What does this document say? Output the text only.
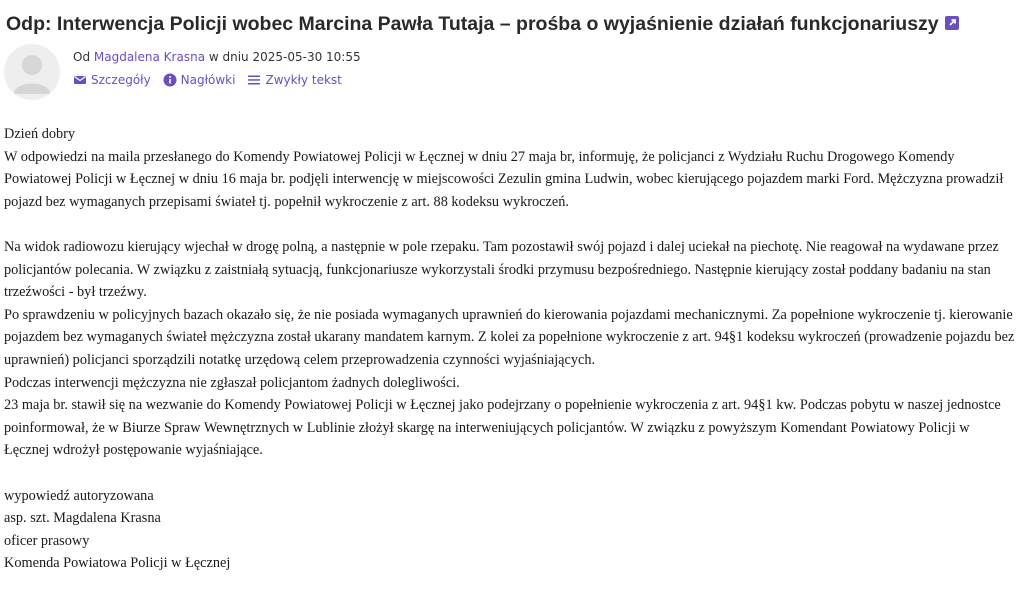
Odp: Interwencja Policji wobec Marcina Pawła Tutaja – prośba o wyjaśnienie działań funkcjonariuszy
Od Magdalena Krasna w dniu 2025-05-30 10:55
Szczegóły	Nagłówki	Zwykły tekst

Dzień dobry

W odpowiedzi na maila przesłanego do Komendy Powiatowej Policji w Łęcznej w dniu 27 maja br, informuję, że policjanci z Wydziału Ruchu Drogowego Komendy Powiatowej Policji w Łęcznej w dniu 16 maja br. podjęli interwencję w miejscowości Zezulin gmina Ludwin, wobec kierującego pojazdem marki Ford. Mężczyzna prowadził pojazd bez wymaganych przepisami świateł tj. popełnił wykroczenie z art. 88 kodeksu wykroczeń.

Na widok radiowozu kierujący wjechał w drogę polną, a następnie w pole rzepaku. Tam pozostawił swój pojazd i dalej uciekał na piechotę. Nie reagował na wydawane przez policjantów polecania. W związku z zaistniałą sytuacją, funkcjonariusze wykorzystali środki przymusu bezpośredniego. Następnie kierujący został poddany badaniu na stan trzeźwości - był trzeźwy.

Po sprawdzeniu w policyjnych bazach okazało się, że nie posiada wymaganych uprawnień do kierowania pojazdami mechanicznymi. Za popełnione wykroczenie tj. kierowanie pojazdem bez wymaganych świateł mężczyzna został ukarany mandatem karnym. Z kolei za popełnione wykroczenie z art. 94§1 kodeksu wykroczeń (prowadzenie pojazdu bez uprawnień) policjanci sporządzili notatkę urzędową celem przeprowadzenia czynności wyjaśniających.

Podczas interwencji mężczyzna nie zgłaszał policjantom żadnych dolegliwości.

23 maja br. stawił się na wezwanie do Komendy Powiatowej Policji w Łęcznej jako podejrzany o popełnienie wykroczenia z art. 94§1 kw. Podczas pobytu w naszej jednostce poinformował, że w Biurze Spraw Wewnętrznych w Lublinie złożył skargę na interweniujących policjantów. W związku z powyższym Komendant Powiatowy Policji w Łęcznej wdrożył postępowanie wyjaśniające.

wypowiedź autoryzowana

asp. szt. Magdalena Krasna

oficer prasowy

Komenda Powiatowa Policji w Łęcznej
